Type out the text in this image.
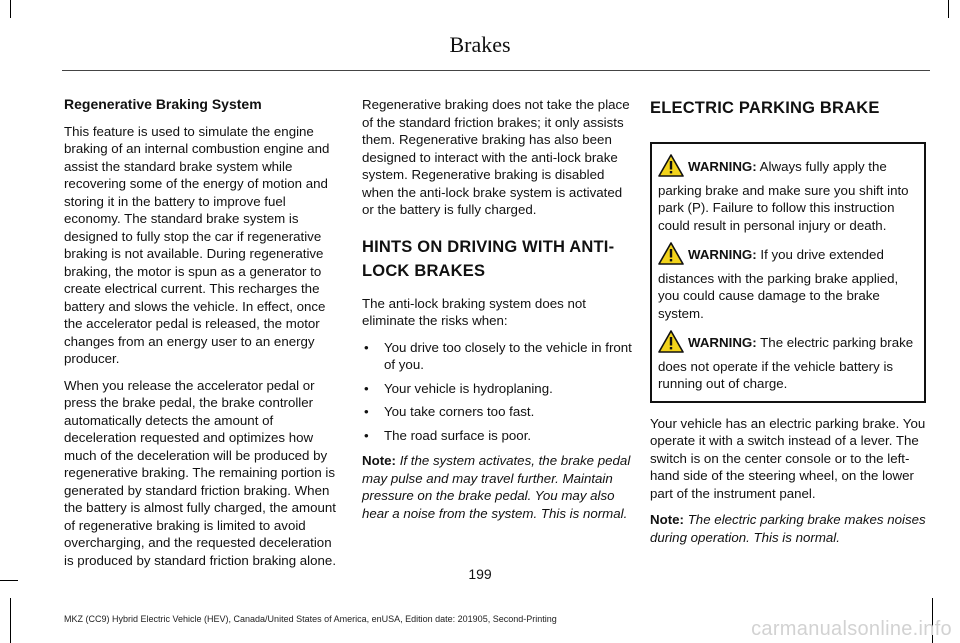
Brakes
Regenerative Braking System

This feature is used to simulate the engine braking of an internal combustion engine and assist the standard brake system while recovering some of the energy of motion and storing it in the battery to improve fuel economy. The standard brake system is designed to fully stop the car if regenerative braking is not available. During regenerative braking, the motor is spun as a generator to create electrical current. This recharges the battery and slows the vehicle. In effect, once the accelerator pedal is released, the motor changes from an energy user to an energy producer.

When you release the accelerator pedal or press the brake pedal, the brake controller automatically detects the amount of deceleration requested and optimizes how much of the deceleration will be produced by regenerative braking. The remaining portion is generated by standard friction braking. When the battery is almost fully charged, the amount of regenerative braking is limited to avoid overcharging, and the requested deceleration is produced by standard friction braking alone.

Regenerative braking does not take the place of the standard friction brakes; it only assists them. Regenerative braking has also been designed to interact with the anti-lock brake system. Regenerative braking is disabled when the anti-lock brake system is activated or the battery is fully charged.

HINTS ON DRIVING WITH ANTI-LOCK BRAKES

The anti-lock braking system does not eliminate the risks when:

• You drive too closely to the vehicle in front of you.
• Your vehicle is hydroplaning.
• You take corners too fast.
• The road surface is poor.

Note: If the system activates, the brake pedal may pulse and may travel further. Maintain pressure on the brake pedal. You may also hear a noise from the system. This is normal.

ELECTRIC PARKING BRAKE
WARNING: Always fully apply the parking brake and make sure you shift into park (P). Failure to follow this instruction could result in personal injury or death.
WARNING: If you drive extended distances with the parking brake applied, you could cause damage to the brake system.
WARNING: The electric parking brake does not operate if the vehicle battery is running out of charge.

Your vehicle has an electric parking brake. You operate it with a switch instead of a lever. The switch is on the center console or to the left-hand side of the steering wheel, on the lower part of the instrument panel.

Note: The electric parking brake makes noises during operation. This is normal.

199
MKZ (CC9) Hybrid Electric Vehicle (HEV), Canada/United States of America, enUSA, Edition date: 201905, Second-Printing	carmanualsonline.info
